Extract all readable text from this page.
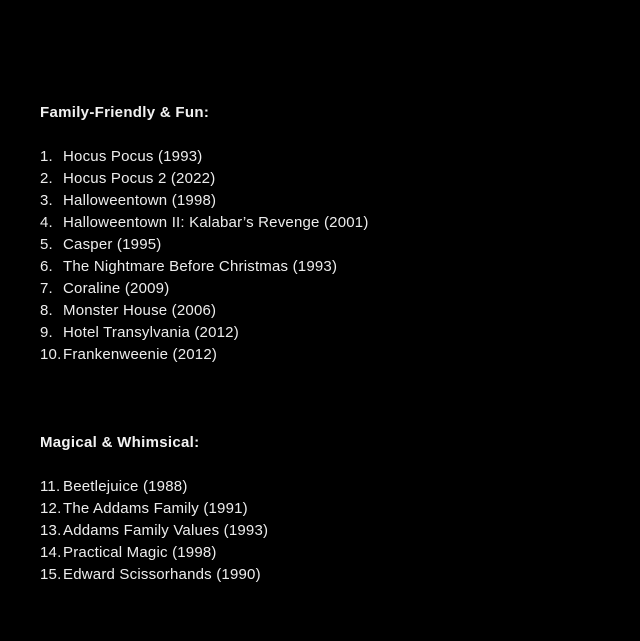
Family-Friendly & Fun:
1. Hocus Pocus (1993)
2. Hocus Pocus 2 (2022)
3. Halloweentown (1998)
4. Halloweentown II: Kalabar’s Revenge (2001)
5. Casper (1995)
6. The Nightmare Before Christmas (1993)
7. Coraline (2009)
8. Monster House (2006)
9. Hotel Transylvania (2012)
10. Frankenweenie (2012)
Magical & Whimsical:
11. Beetlejuice (1988)
12. The Addams Family (1991)
13. Addams Family Values (1993)
14. Practical Magic (1998)
15. Edward Scissorhands (1990)
